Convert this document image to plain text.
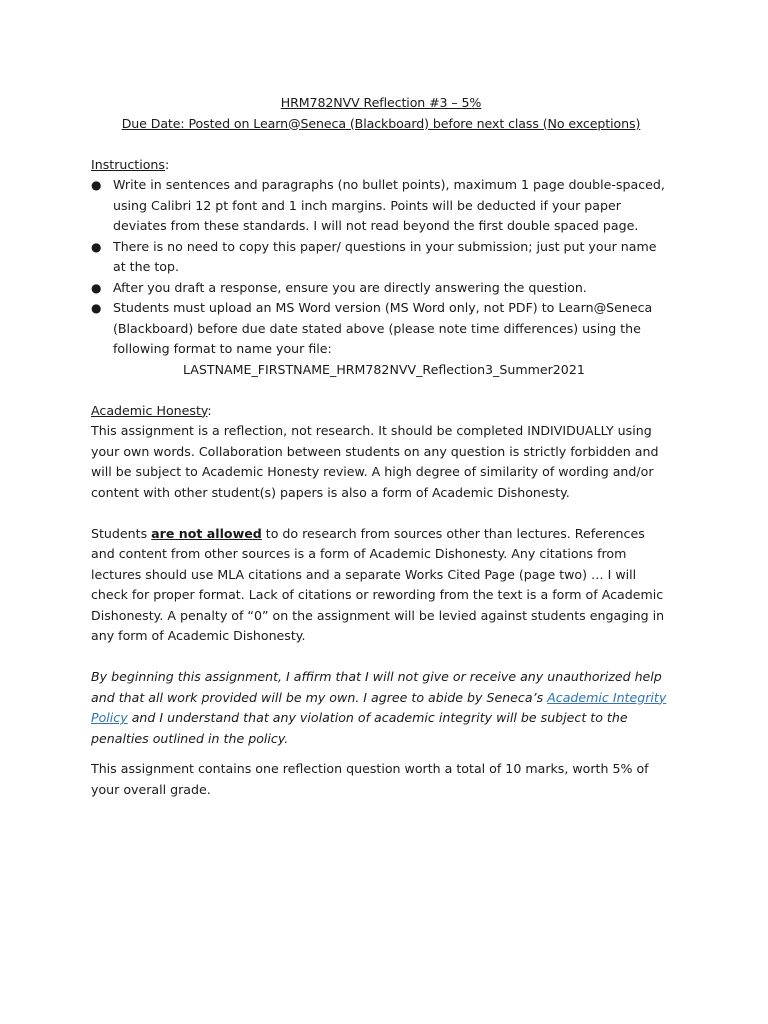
HRM782NVV Reflection #3 – 5%

Due Date: Posted on Learn@Seneca (Blackboard) before next class (No exceptions)

Instructions:

● Write in sentences and paragraphs (no bullet points), maximum 1 page double-spaced, using Calibri 12 pt font and 1 inch margins. Points will be deducted if your paper deviates from these standards. I will not read beyond the first double spaced page.
● There is no need to copy this paper/ questions in your submission; just put your name at the top.
● After you draft a response, ensure you are directly answering the question.
● Students must upload an MS Word version (MS Word only, not PDF) to Learn@Seneca (Blackboard) before due date stated above (please note time differences) using the following format to name your file:

LASTNAME_FIRSTNAME_HRM782NVV_Reflection3_Summer2021

Academic Honesty:

This assignment is a reflection, not research. It should be completed INDIVIDUALLY using your own words. Collaboration between students on any question is strictly forbidden and will be subject to Academic Honesty review. A high degree of similarity of wording and/or content with other student(s) papers is also a form of Academic Dishonesty.

Students are not allowed to do research from sources other than lectures. References and content from other sources is a form of Academic Dishonesty. Any citations from lectures should use MLA citations and a separate Works Cited Page (page two) … I will check for proper format. Lack of citations or rewording from the text is a form of Academic Dishonesty. A penalty of “0” on the assignment will be levied against students engaging in any form of Academic Dishonesty.

By beginning this assignment, I affirm that I will not give or receive any unauthorized help and that all work provided will be my own. I agree to abide by Seneca’s Academic Integrity Policy and I understand that any violation of academic integrity will be subject to the penalties outlined in the policy.

This assignment contains one reflection question worth a total of 10 marks, worth 5% of your overall grade.
